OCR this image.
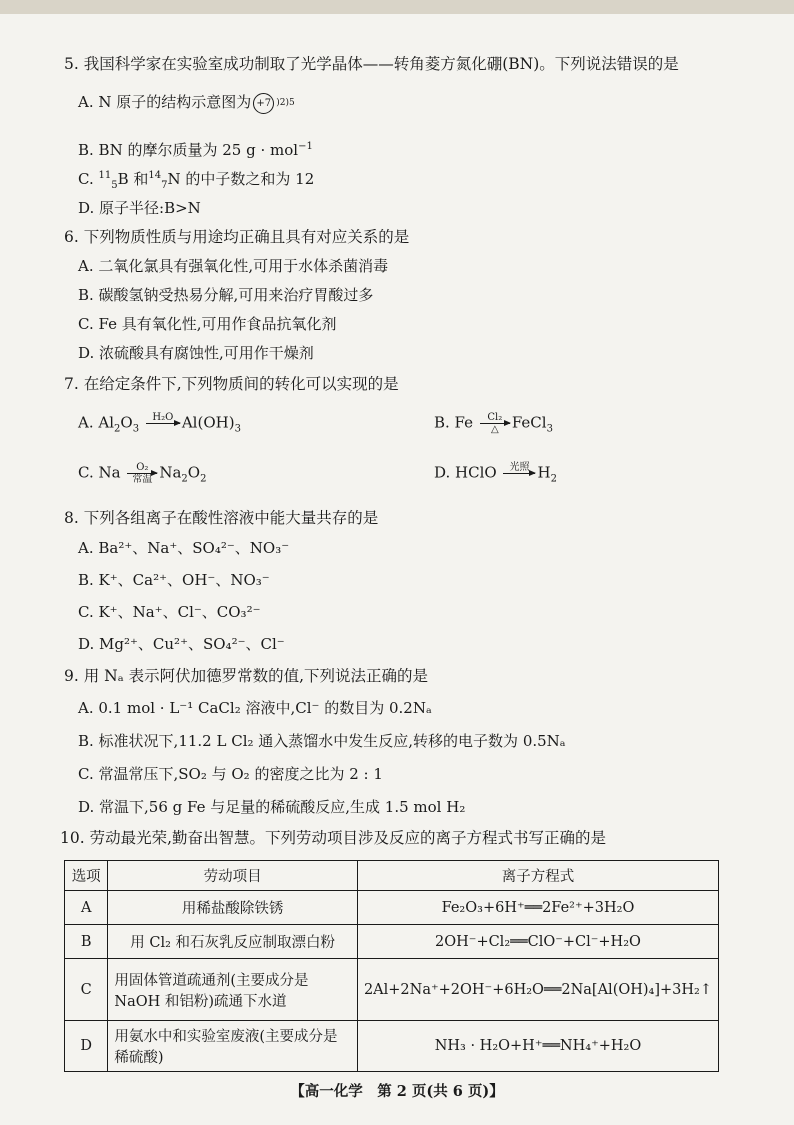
5. 我国科学家在实验室成功制取了光学晶体——转角菱方氮化硼(BN)。下列说法错误的是
A. N 原子的结构示意图为 +7 )2)5
B. BN 的摩尔质量为 25 g · mol$^{-1}$
C. $^{11}_5$B 和$^{14}_7$N 的中子数之和为 12
D. 原子半径:B>N
6. 下列物质性质与用途均正确且具有对应关系的是
A. 二氧化氯具有强氧化性,可用于水体杀菌消毒
B. 碳酸氢钠受热易分解,可用来治疗胃酸过多
C. Fe 具有氧化性,可用作食品抗氧化剂
D. 浓硫酸具有腐蚀性,可用作干燥剂
7. 在给定条件下,下列物质间的转化可以实现的是
A. $Al_2O_3$
H₂O
$Al(OH)_3$	B. Fe	Cl₂
△ FeCl$_3$
C. Na	O₂
常温 $Na_2O_2$	D. HClO	光照
$H_2$
8. 下列各组离子在酸性溶液中能大量共存的是
A. Ba²⁺、Na⁺、SO₄²⁻、NO₃⁻
B. K⁺、Ca²⁺、OH⁻、NO₃⁻
C. K⁺、Na⁺、Cl⁻、CO₃²⁻
D. Mg²⁺、Cu²⁺、SO₄²⁻、Cl⁻
9. 用 Nₐ 表示阿伏加德罗常数的值,下列说法正确的是
A. 0.1 mol · L⁻¹ CaCl₂ 溶液中,Cl⁻ 的数目为 0.2Nₐ
B. 标准状况下,11.2 L Cl₂ 通入蒸馏水中发生反应,转移的电子数为 0.5Nₐ
C. 常温常压下,SO₂ 与 O₂ 的密度之比为 2 : 1
D. 常温下,56 g Fe 与足量的稀硫酸反应,生成 1.5 mol H₂
10. 劳动最光荣,勤奋出智慧。下列劳动项目涉及反应的离子方程式书写正确的是
选项	劳动项目	离子方程式
A	用稀盐酸除铁锈	Fe₂O₃+6H⁺══2Fe²⁺+3H₂O
B	用 Cl₂ 和石灰乳反应制取漂白粉	2OH⁻+Cl₂══ClO⁻+Cl⁻+H₂O
C	用固体管道疏通剂(主要成分是 NaOH 和铝粉)疏通下水道	2Al+2Na⁺+2OH⁻+6H₂O══2Na[Al(OH)₄]+3H₂↑
D	用氨水中和实验室废液(主要成分是稀硫酸)	NH₃ · H₂O+H⁺══NH₄⁺+H₂O
【高一化学　第 2 页(共 6 页)】
